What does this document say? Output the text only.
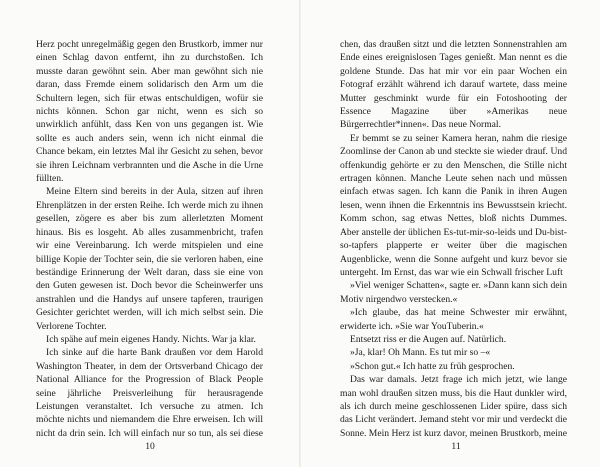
Herz pocht unregelmäßig gegen den Brustkorb, immer nur einen Schlag davon entfernt, ihn zu durchstoßen. Ich musste daran gewöhnt sein. Aber man gewöhnt sich nie daran, dass Fremde einem solidarisch den Arm um die Schultern legen, sich für etwas entschuldigen, wofür sie nichts können. Schon gar nicht, wenn es sich so unwirklich anfühlt, dass Ken von uns gegangen ist. Wie sollte es auch anders sein, wenn ich nicht einmal die Chance bekam, ein letztes Mal ihr Gesicht zu sehen, bevor sie ihren Leichnam verbrannten und die Asche in die Urne füllten.

Meine Eltern sind bereits in der Aula, sitzen auf ihren Ehrenplätzen in der ersten Reihe. Ich werde mich zu ihnen gesellen, zögere es aber bis zum allerletzten Moment hinaus. Bis es losgeht. Ab alles zusammenbricht, trafen wir eine Vereinbarung. Ich werde mitspielen und eine billige Kopie der Tochter sein, die sie verloren haben, eine beständige Erinnerung der Welt daran, dass sie eine von den Guten gewesen ist. Doch bevor die Scheinwerfer uns anstrahlen und die Handys auf unsere tapferen, traurigen Gesichter gerichtet werden, will ich mich selbst sein. Die Verlorene Tochter.

Ich spähe auf mein eigenes Handy. Nichts. War ja klar.

Ich sinke auf die harte Bank draußen vor dem Harold Washington Theater, in dem der Ortsverband Chicago der National Alliance for the Progression of Black People seine jährliche Preisverleihung für herausragende Leistungen veranstaltet. Ich versuche zu atmen. Ich möchte nichts und niemandem die Ehre erweisen. Ich will nicht da drin sein. Ich will einfach nur so tun, als sei diese

10

chen, das draußen sitzt und die letzten Sonnenstrahlen am Ende eines ereignislosen Tages genießt. Man nennt es die goldene Stunde. Das hat mir vor ein paar Wochen ein Fotograf erzählt während ich darauf wartete, dass meine Mutter geschminkt wurde für ein Fotoshooting der Essence Magazine über »Amerikas neue Bürgerrechtler*innen«. Das neue Normal.

Er bemmt se zu seiner Kamera heran, nahm die riesige Zoomlinse der Canon ab und steckte sie wieder drauf. Und offenkundig gehörte er zu den Menschen, die Stille nicht ertragen können. Manche Leute sehen nach und müssen einfach etwas sagen. Ich kann die Panik in ihren Augen lesen, wenn ihnen die Erkenntnis ins Bewusstsein kriecht. Komm schon, sag etwas Nettes, bloß nichts Dummes. Aber anstelle der üblichen Es-tut-mir-so-leids und Du-bist-so-tapfers plapperte er weiter über die magischen Augenblicke, wenn die Sonne aufgeht und kurz bevor sie untergeht. Im Ernst, das war wie ein Schwall frischer Luft

»Viel weniger Schatten«, sagte er. »Dann kann sich dein Motiv nirgendwo verstecken.«

»Ich glaube, das hat meine Schwester mir erwähnt, erwiderte ich. »Sie war YouTuberin.«

Entsetzt riss er die Augen auf. Natürlich.

»Ja, klar! Oh Mann. Es tut mir so –«

»Schon gut.« Ich hatte zu früh gesprochen.

Das war damals. Jetzt frage ich mich jetzt, wie lange man wohl draußen sitzen muss, bis die Haut dunkler wird, als ich durch meine geschlossenen Lider spüre, dass sich das Licht verändert. Jemand steht vor mir und verdeckt die Sonne. Mein Herz ist kurz davor, meinen Brustkorb, meine

11
